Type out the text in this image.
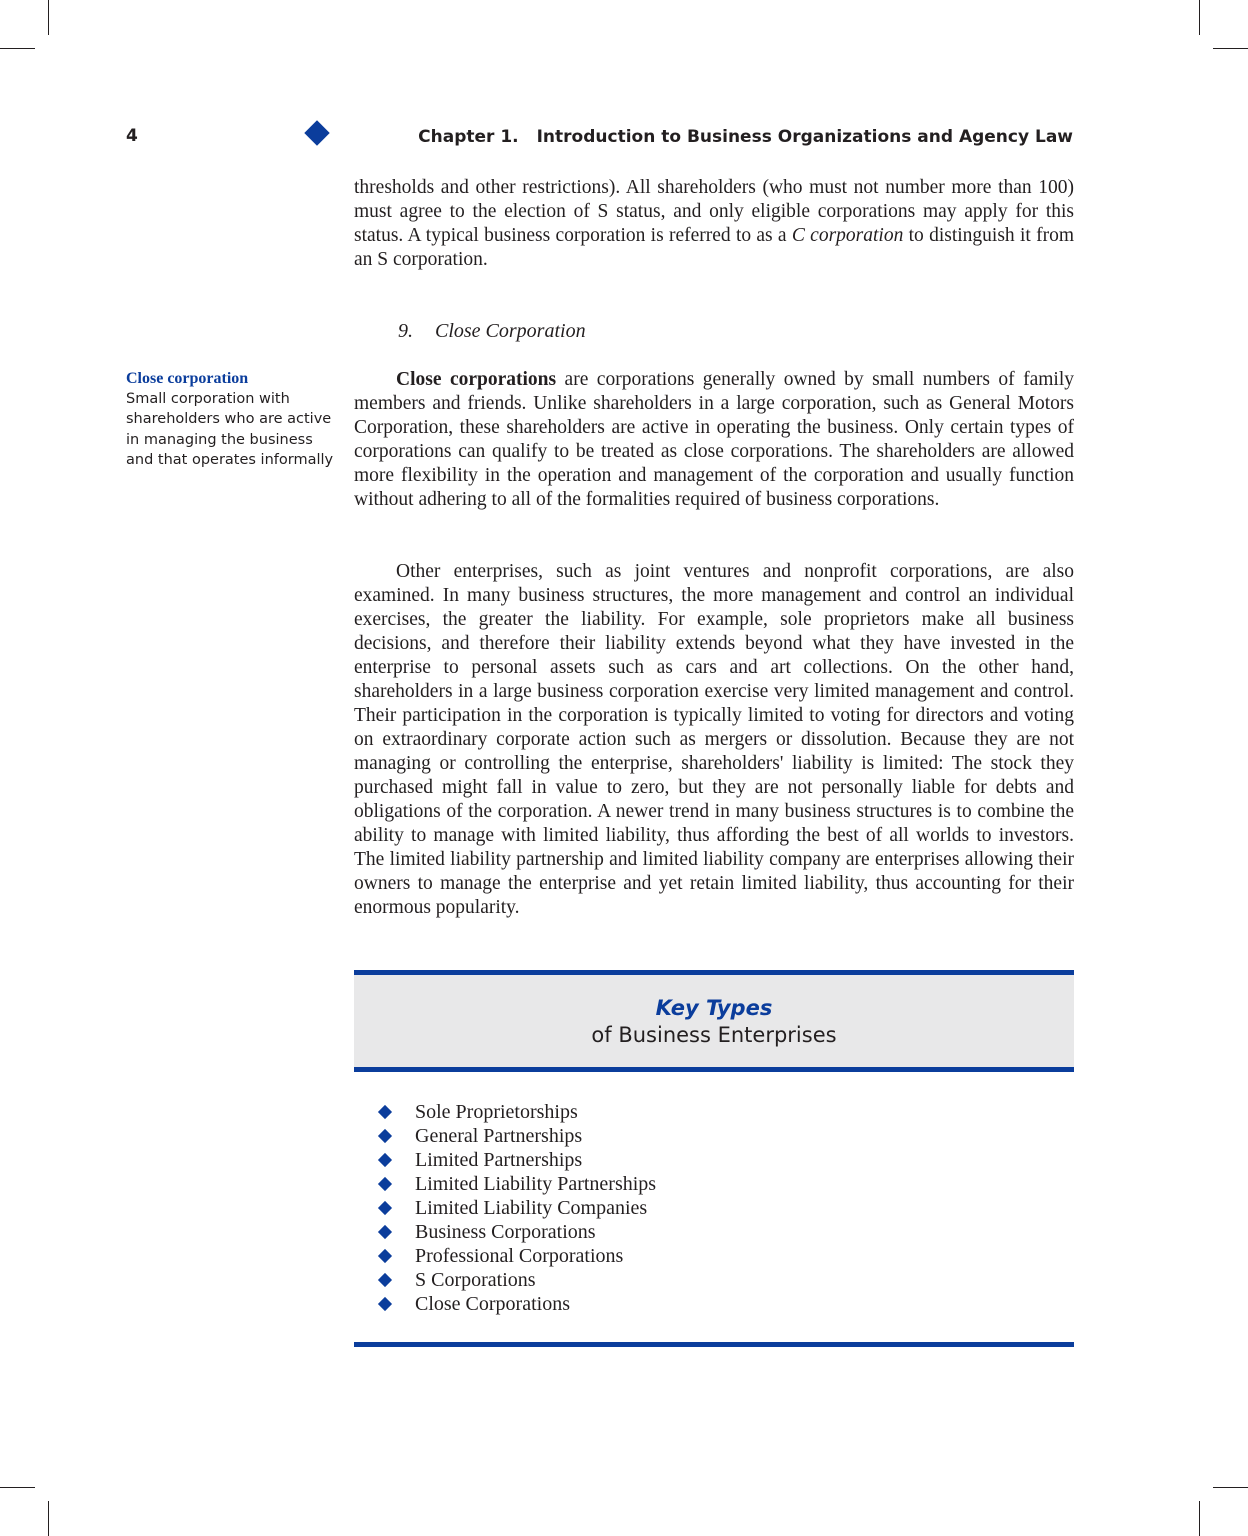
4	Chapter 1. Introduction to Business Organizations and Agency Law

thresholds and other restrictions). All shareholders (who must not number more than 100) must agree to the election of S status, and only eligible corporations may apply for this status. A typical business corporation is referred to as a C corporation to distinguish it from an S corporation.

9. Close Corporation
Close corporation
Small corporation with shareholders who are active in managing the business and that operates informally

Close corporations are corporations generally owned by small numbers of family members and friends. Unlike shareholders in a large corporation, such as General Motors Corporation, these shareholders are active in operating the business. Only certain types of corporations can qualify to be treated as close corporations. The shareholders are allowed more flexibility in the operation and management of the corporation and usually function without adhering to all of the formalities required of business corporations.

Other enterprises, such as joint ventures and nonprofit corporations, are also examined. In many business structures, the more management and control an individual exercises, the greater the liability. For example, sole proprietors make all business decisions, and therefore their liability extends beyond what they have invested in the enterprise to personal assets such as cars and art collections. On the other hand, shareholders in a large business corporation exercise very limited management and control. Their participation in the corporation is typically limited to voting for directors and voting on extraordinary corporate action such as mergers or dissolution. Because they are not managing or controlling the enterprise, shareholders' liability is limited: The stock they purchased might fall in value to zero, but they are not personally liable for debts and obligations of the corporation. A newer trend in many business structures is to combine the ability to manage with limited liability, thus affording the best of all worlds to investors. The limited liability partnership and limited liability company are enterprises allowing their owners to manage the enterprise and yet retain limited liability, thus accounting for their enormous popularity.

Key Types
of Business Enterprises
Sole Proprietorships
General Partnerships
Limited Partnerships
Limited Liability Partnerships
Limited Liability Companies
Business Corporations
Professional Corporations
S Corporations
Close Corporations
